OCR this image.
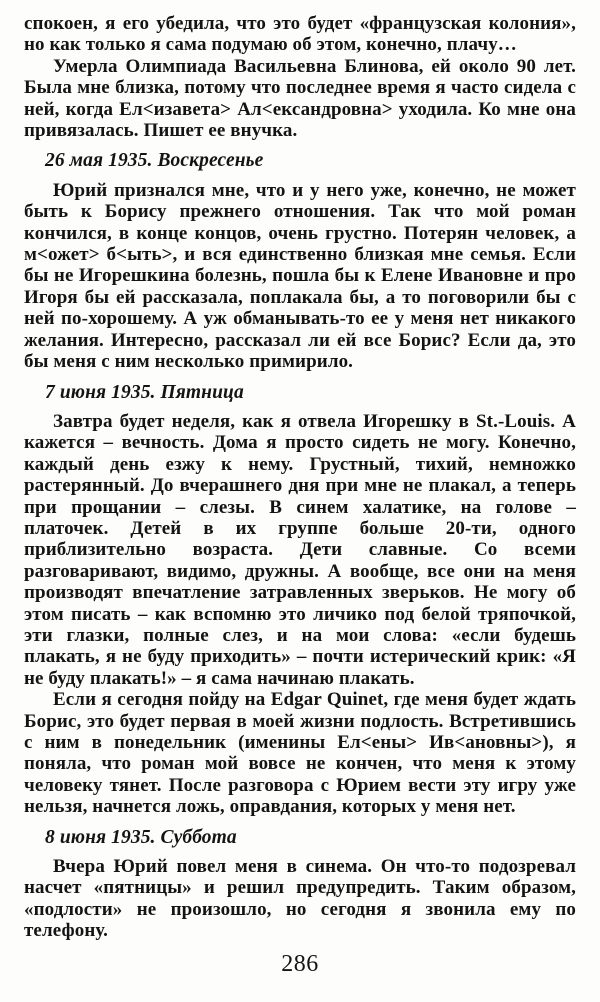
спокоен, я его убедила, что это будет «французская колония», но как только я сама подумаю об этом, конечно, плачу…

Умерла Олимпиада Васильевна Блинова, ей около 90 лет. Была мне близка, потому что последнее время я часто сидела с ней, когда Ел<изавета> Ал<ександровна> уходила. Ко мне она привязалась. Пишет ее внучка.

26 мая 1935. Воскресенье

Юрий признался мне, что и у него уже, конечно, не может быть к Борису прежнего отношения. Так что мой роман кончился, в конце концов, очень грустно. Потерян человек, а м<ожет> б<ыть>, и вся единственно близкая мне семья. Если бы не Игорешкина болезнь, пошла бы к Елене Ивановне и про Игоря бы ей рассказала, поплакала бы, а то поговорили бы с ней по-хорошему. А уж обманывать-то ее у меня нет никакого желания. Интересно, рассказал ли ей все Борис? Если да, это бы меня с ним несколько примирило.

7 июня 1935. Пятница

Завтра будет неделя, как я отвела Игорешку в St.-Louis. А кажется – вечность. Дома я просто сидеть не могу. Конечно, каждый день езжу к нему. Грустный, тихий, немножко растерянный. До вчерашнего дня при мне не плакал, а теперь при прощании – слезы. В синем халатике, на голове – платочек. Детей в их группе больше 20-ти, одного приблизительно возраста. Дети славные. Со всеми разговаривают, видимо, дружны. А вообще, все они на меня производят впечатление затравленных зверьков. Не могу об этом писать – как вспомню это личико под белой тряпочкой, эти глазки, полные слез, и на мои слова: «если будешь плакать, я не буду приходить» – почти истерический крик: «Я не буду плакать!» – я сама начинаю плакать.

Если я сегодня пойду на Edgar Quinet, где меня будет ждать Борис, это будет первая в моей жизни подлость. Встретившись с ним в понедельник (именины Ел<ены> Ив<ановны>), я поняла, что роман мой вовсе не кончен, что меня к этому человеку тянет. После разговора с Юрием вести эту игру уже нельзя, начнется ложь, оправдания, которых у меня нет.

8 июня 1935. Суббота

Вчера Юрий повел меня в синема. Он что-то подозревал насчет «пятницы» и решил предупредить. Таким образом, «подлости» не произошло, но сегодня я звонила ему по телефону.

286
